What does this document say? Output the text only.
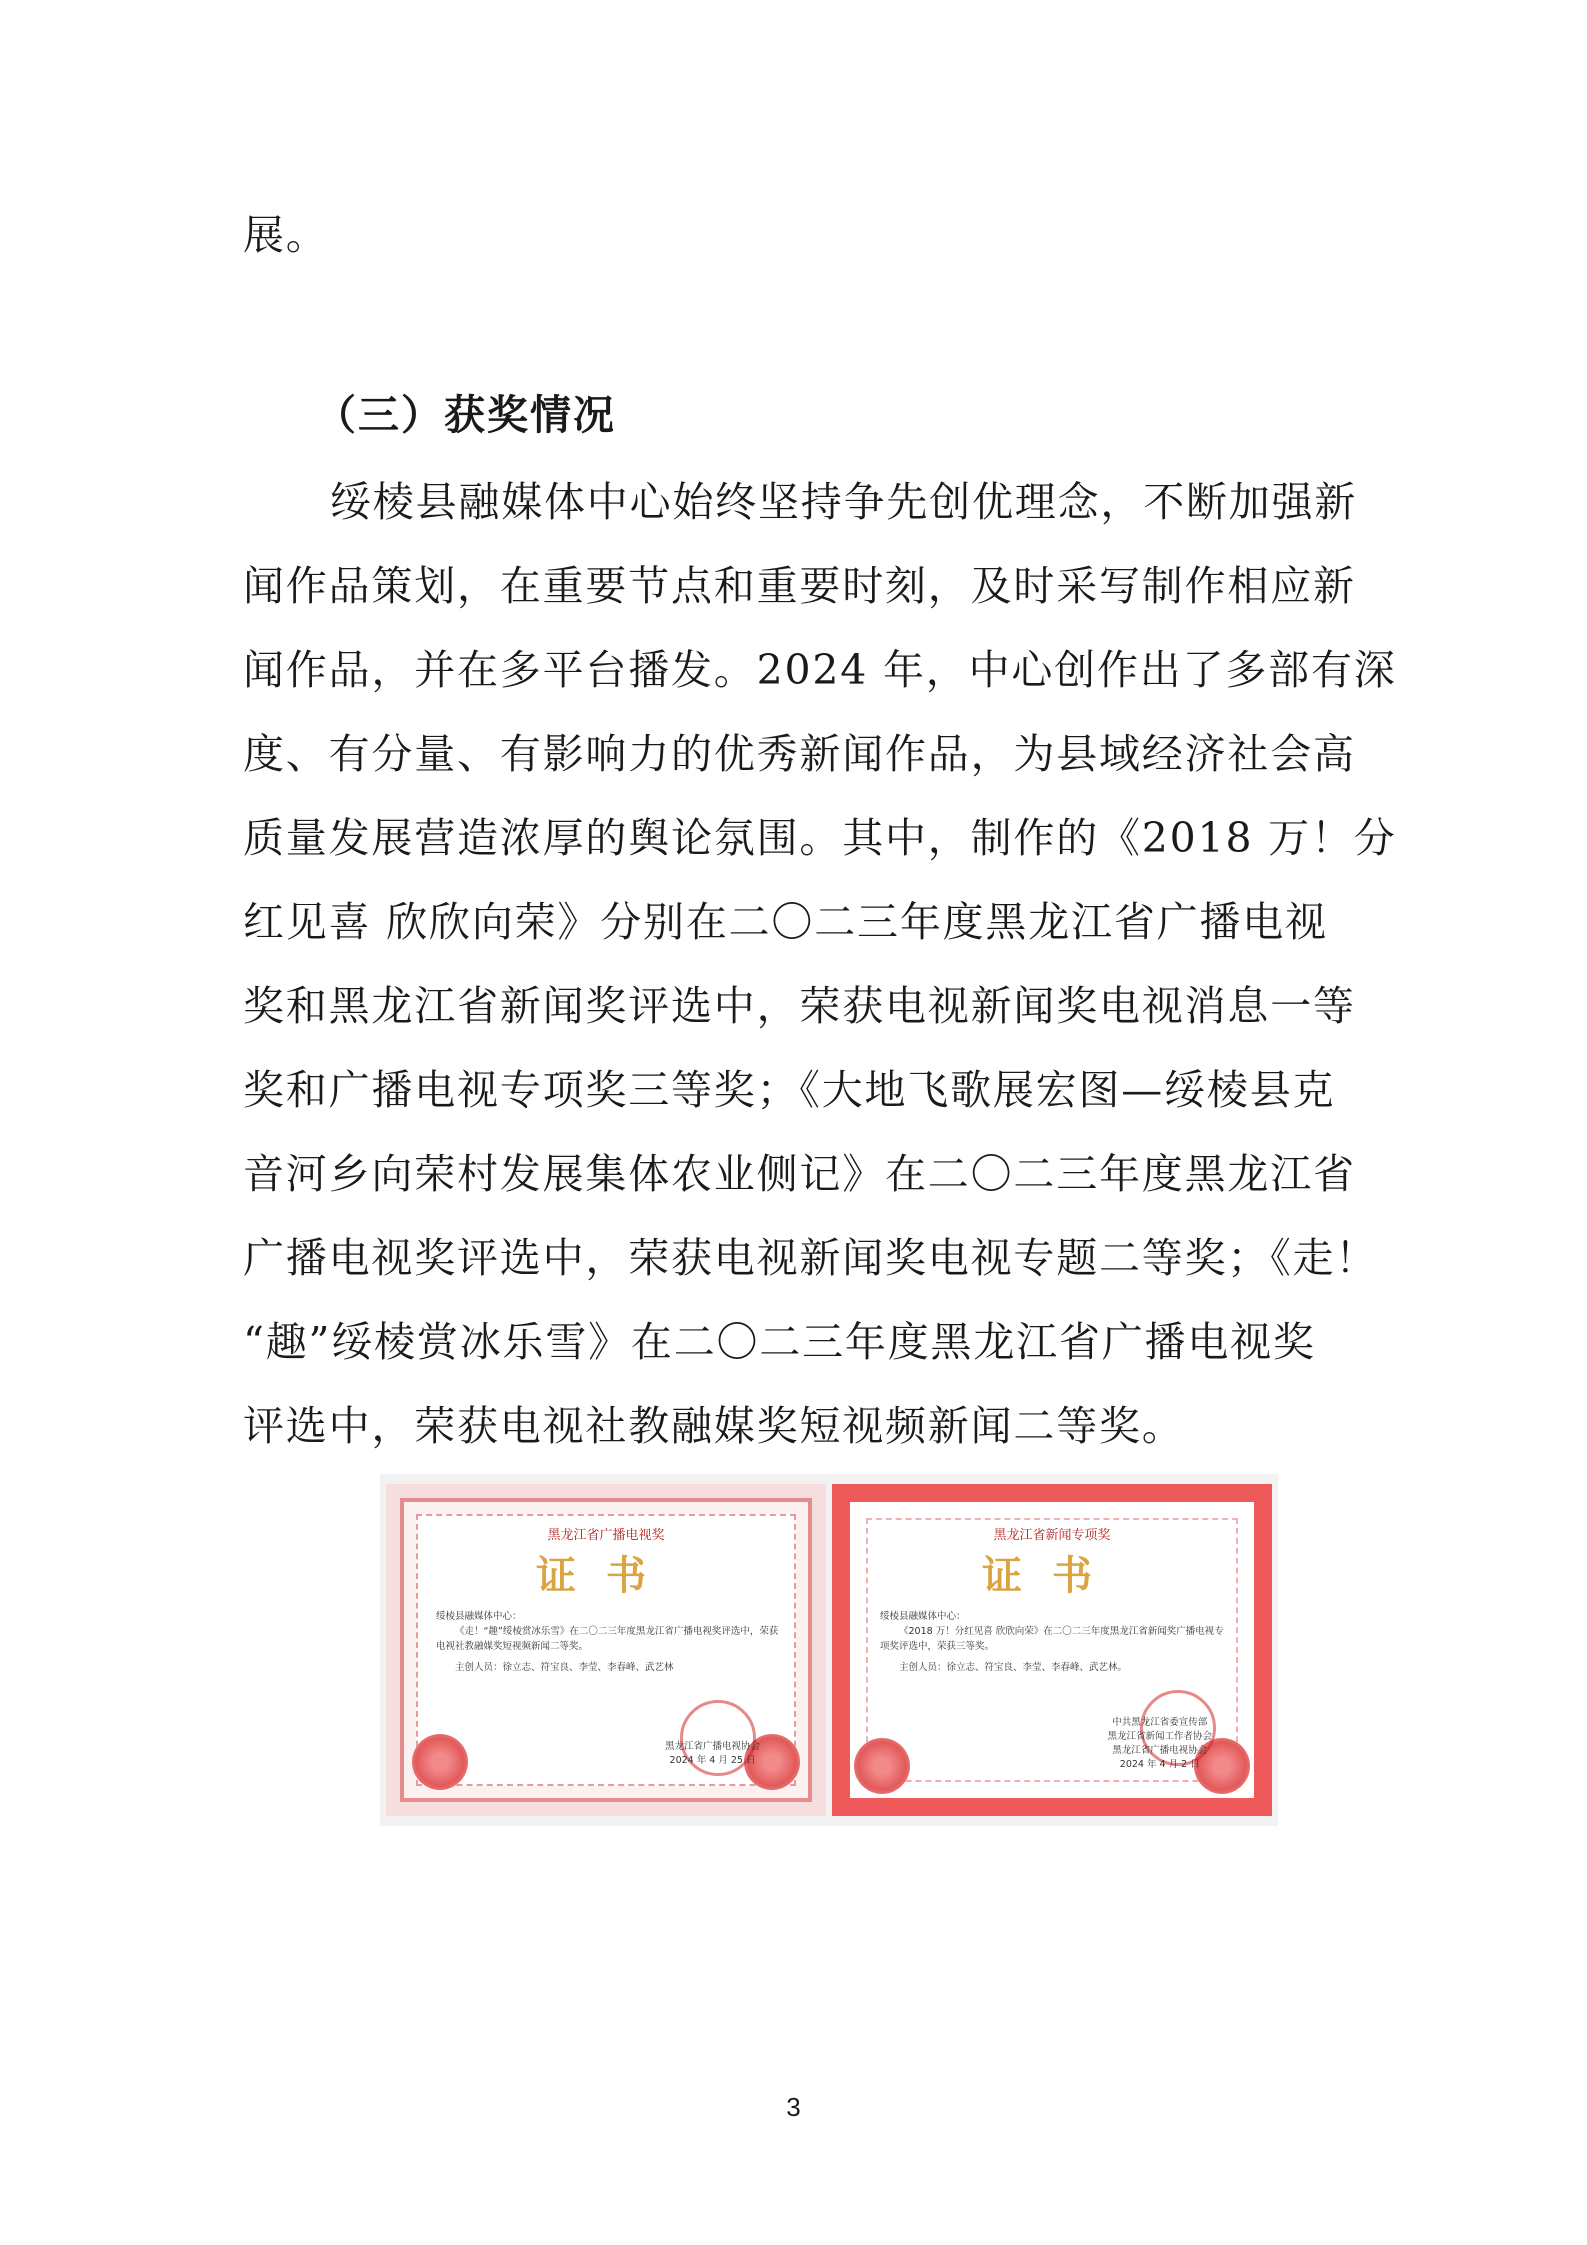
展。
（三）获奖情况
绥棱县融媒体中心始终坚持争先创优理念，不断加强新
闻作品策划，在重要节点和重要时刻，及时采写制作相应新
闻作品，并在多平台播发。2024 年，中心创作出了多部有深
度、有分量、有影响力的优秀新闻作品，为县域经济社会高
质量发展营造浓厚的舆论氛围。其中，制作的《2018 万！分
红见喜 欣欣向荣》分别在二〇二三年度黑龙江省广播电视
奖和黑龙江省新闻奖评选中，荣获电视新闻奖电视消息一等
奖和广播电视专项奖三等奖；《大地飞歌展宏图—绥棱县克
音河乡向荣村发展集体农业侧记》在二〇二三年度黑龙江省
广播电视奖评选中，荣获电视新闻奖电视专题二等奖；《走！
“趣”绥棱赏冰乐雪》在二〇二三年度黑龙江省广播电视奖
评选中，荣获电视社教融媒奖短视频新闻二等奖。
黑龙江省广播电视奖
证书
绥棱县融媒体中心：
《走！“趣”绥棱赏冰乐雪》在二〇二三年度黑龙江省广播电视奖评选中，荣获电视社教融媒奖短视频新闻二等奖。
主创人员：徐立志、符宝良、李莹、李春峰、武艺林
黑龙江省广播电视协会
2024 年 4 月 25 日
黑龙江省新闻专项奖
证书
绥棱县融媒体中心：
《2018 万！分红见喜 欣欣向荣》在二〇二三年度黑龙江省新闻奖广播电视专项奖评选中，荣获三等奖。
主创人员：徐立志、符宝良、李莹、李春峰、武艺林。
中共黑龙江省委宣传部
黑龙江省新闻工作者协会
黑龙江省广播电视协会
2024 年 4 月 2 日
3
